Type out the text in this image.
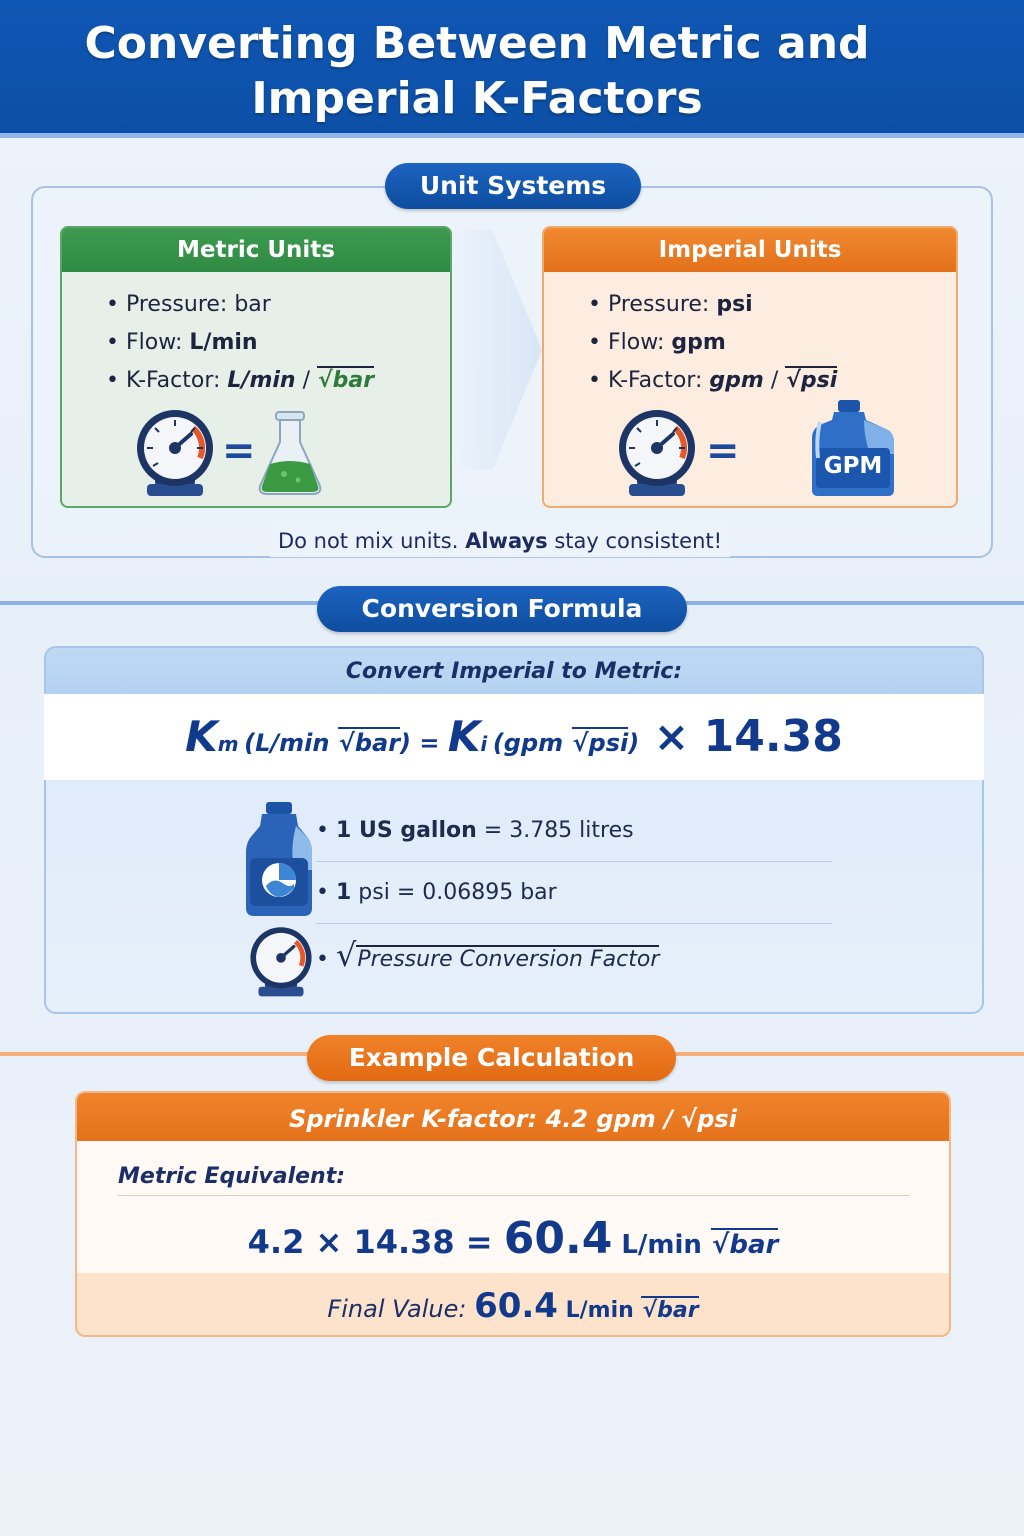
Converting Between Metric and
Imperial K-Factors
Unit Systems
Metric Units
• Pressure: bar
• Flow: L/min
• K-Factor: L/min / √bar
=
Imperial Units
• Pressure: psi
• Flow: gpm
• K-Factor: gpm / √psi
=	GPM
Do not mix units. Always stay consistent!
Conversion Formula
Convert Imperial to Metric:
Km (L/min √bar) = Ki (gpm √psi) × 14.38
• 1 US gallon = 3.785 litres
• 1 psi = 0.06895 bar
• √Pressure Conversion Factor
Example Calculation
Sprinkler K-factor: 4.2 gpm / √psi
Metric Equivalent:
4.2 × 14.38 = 60.4 L/min √bar
Final Value: 60.4 L/min √bar
